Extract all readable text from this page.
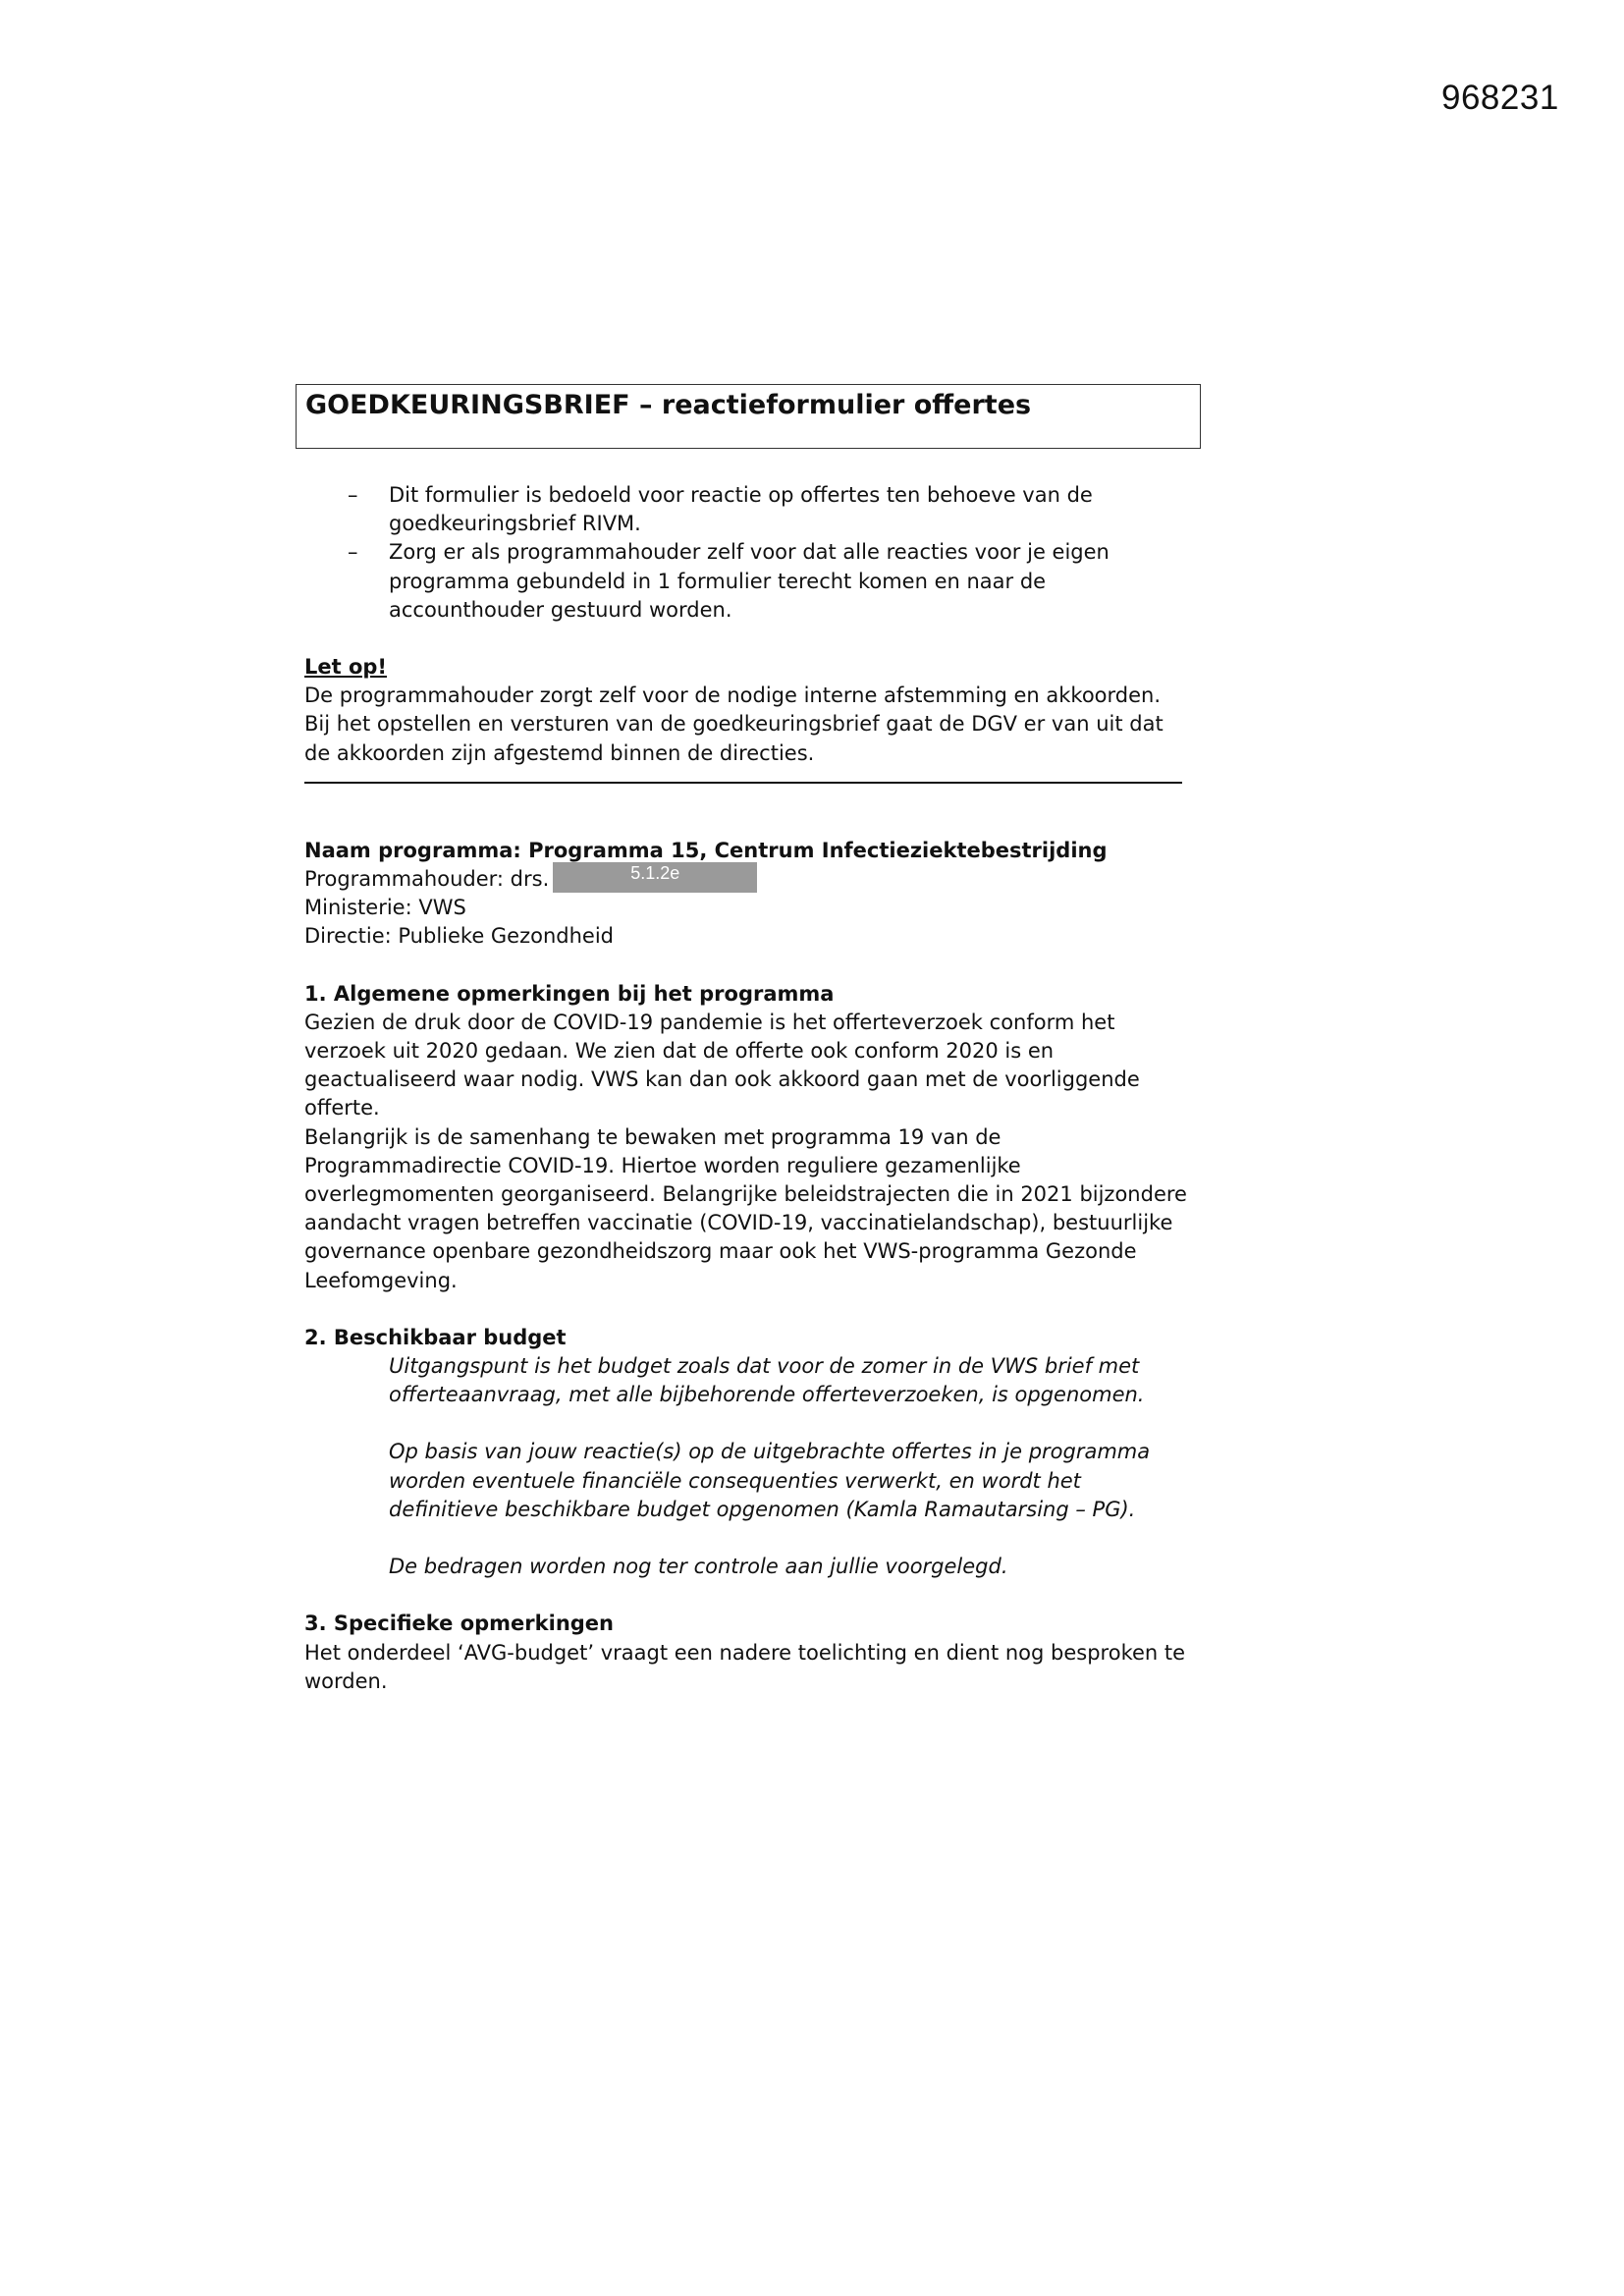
968231
GOEDKEURINGSBRIEF – reactieformulier offertes
– Dit formulier is bedoeld voor reactie op offertes ten behoeve van de goedkeuringsbrief RIVM.
– Zorg er als programmahouder zelf voor dat alle reacties voor je eigen programma gebundeld in 1 formulier terecht komen en naar de accounthouder gestuurd worden.

Let op!

De programmahouder zorgt zelf voor de nodige interne afstemming en akkoorden. Bij het opstellen en versturen van de goedkeuringsbrief gaat de DGV er van uit dat de akkoorden zijn afgestemd binnen de directies.

Naam programma: Programma 15, Centrum Infectieziektebestrijding

Programmahouder: drs.	5.1.2e

Ministerie: VWS

Directie: Publieke Gezondheid

1. Algemene opmerkingen bij het programma

Gezien de druk door de COVID-19 pandemie is het offerteverzoek conform het verzoek uit 2020 gedaan. We zien dat de offerte ook conform 2020 is en geactualiseerd waar nodig. VWS kan dan ook akkoord gaan met de voorliggende offerte.

Belangrijk is de samenhang te bewaken met programma 19 van de Programmadirectie COVID-19. Hiertoe worden reguliere gezamenlijke overlegmomenten georganiseerd. Belangrijke beleidstrajecten die in 2021 bijzondere aandacht vragen betreffen vaccinatie (COVID-19, vaccinatielandschap), bestuurlijke governance openbare gezondheidszorg maar ook het VWS-programma Gezonde Leefomgeving.

2. Beschikbaar budget

Uitgangspunt is het budget zoals dat voor de zomer in de VWS brief met offerteaanvraag, met alle bijbehorende offerteverzoeken, is opgenomen.

Op basis van jouw reactie(s) op de uitgebrachte offertes in je programma worden eventuele financiële consequenties verwerkt, en wordt het definitieve beschikbare budget opgenomen (Kamla Ramautarsing – PG).

De bedragen worden nog ter controle aan jullie voorgelegd.

3. Specifieke opmerkingen

Het onderdeel ‘AVG-budget’ vraagt een nadere toelichting en dient nog besproken te worden.
